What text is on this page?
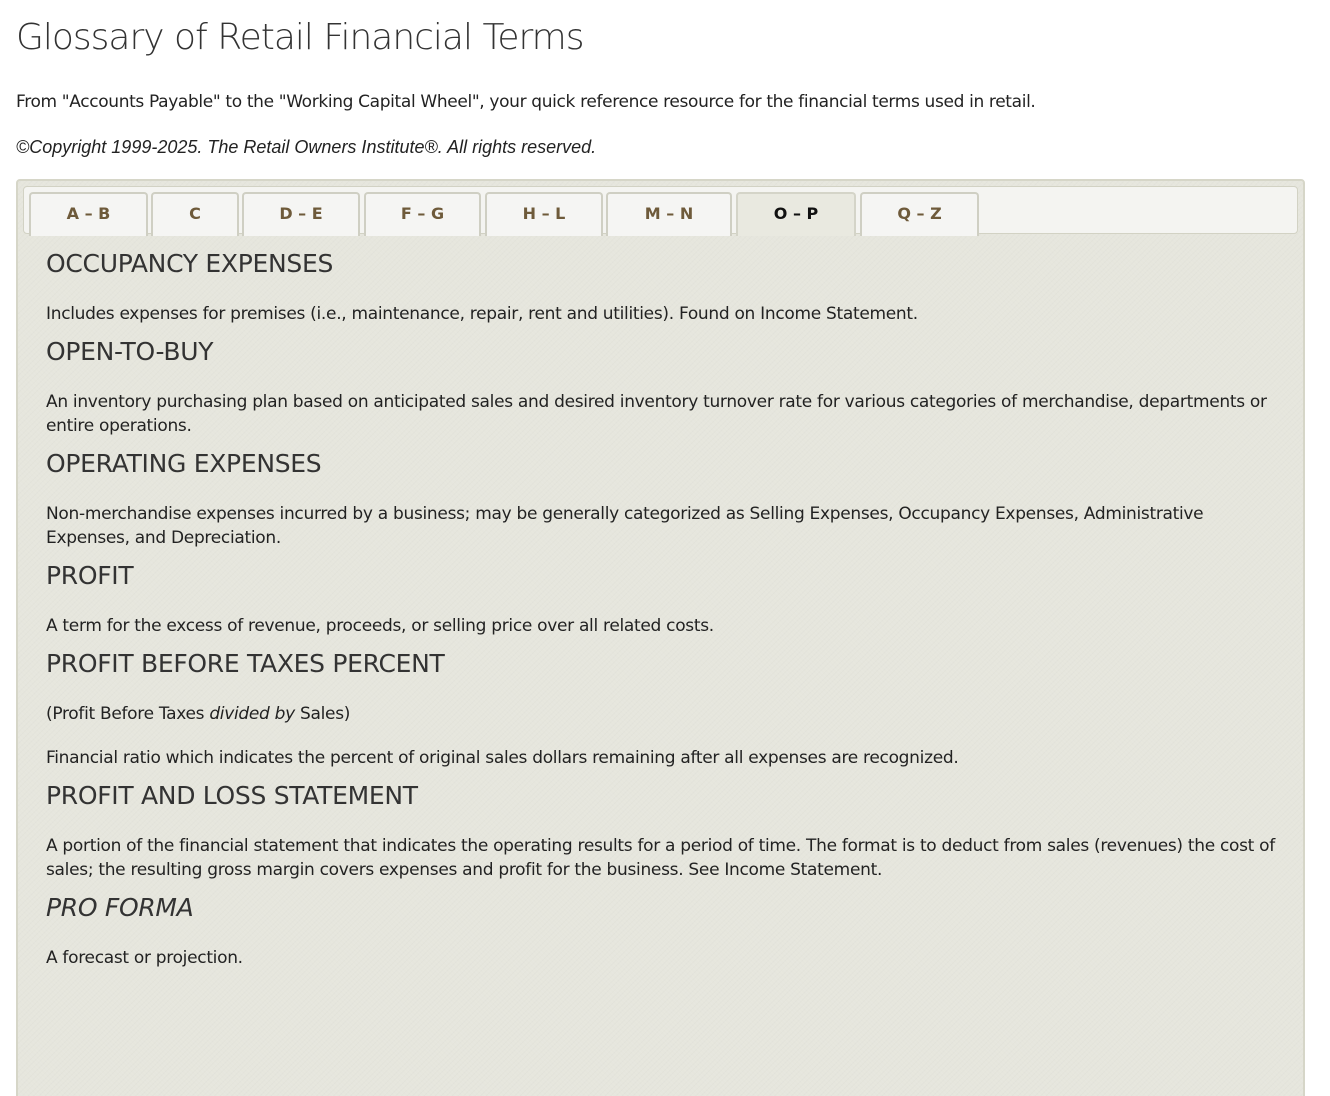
Glossary of Retail Financial Terms

From "Accounts Payable" to the "Working Capital Wheel", your quick reference resource for the financial terms used in retail.

©Copyright 1999-2025. The Retail Owners Institute®. All rights reserved.

A – B	C	D – E	F – G	H – L	M – N	O – P	Q – Z
OCCUPANCY EXPENSES

Includes expenses for premises (i.e., maintenance, repair, rent and utilities). Found on Income Statement.

OPEN-TO-BUY

An inventory purchasing plan based on anticipated sales and desired inventory turnover rate for various categories of merchandise, departments or entire operations.

OPERATING EXPENSES

Non-merchandise expenses incurred by a business; may be generally categorized as Selling Expenses, Occupancy Expenses, Administrative Expenses, and Depreciation.

PROFIT

A term for the excess of revenue, proceeds, or selling price over all related costs.

PROFIT BEFORE TAXES PERCENT

(Profit Before Taxes divided by Sales)

Financial ratio which indicates the percent of original sales dollars remaining after all expenses are recognized.

PROFIT AND LOSS STATEMENT

A portion of the financial statement that indicates the operating results for a period of time. The format is to deduct from sales (revenues) the cost of sales; the resulting gross margin covers expenses and profit for the business. See Income Statement.

PRO FORMA

A forecast or projection.
